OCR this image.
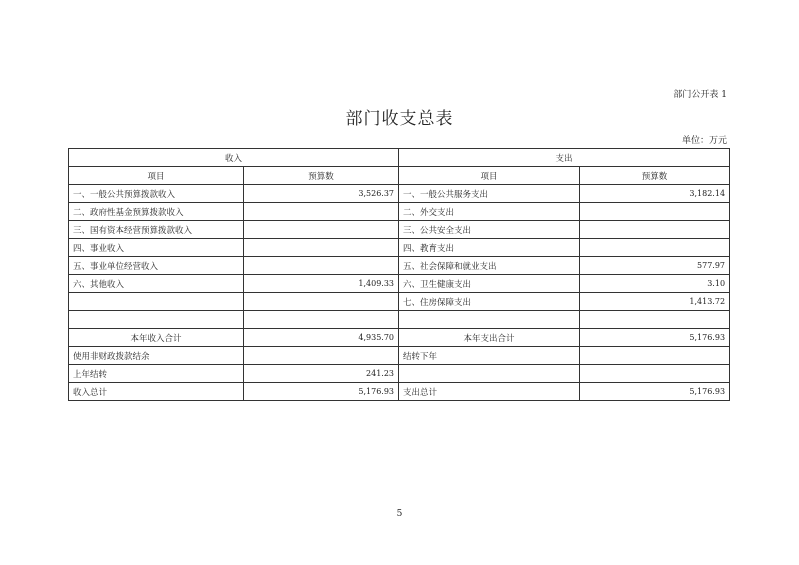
部门公开表 1
部门收支总表
单位：万元
收入		支出	
项目	预算数	项目	预算数
一、一般公共预算拨款收入	3,526.37	一、一般公共服务支出	3,182.14
二、政府性基金预算拨款收入		二、外交支出	
三、国有资本经营预算拨款收入		三、公共安全支出	
四、事业收入		四、教育支出	
五、事业单位经营收入		五、社会保障和就业支出	577.97
六、其他收入	1,409.33	六、卫生健康支出	3.10
		七、住房保障支出	1,413.72

本年收入合计	4,935.70	本年支出合计	5,176.93
使用非财政拨款结余		结转下年	
上年结转	241.23		
收入总计	5,176.93	支出总计	5,176.93
5
